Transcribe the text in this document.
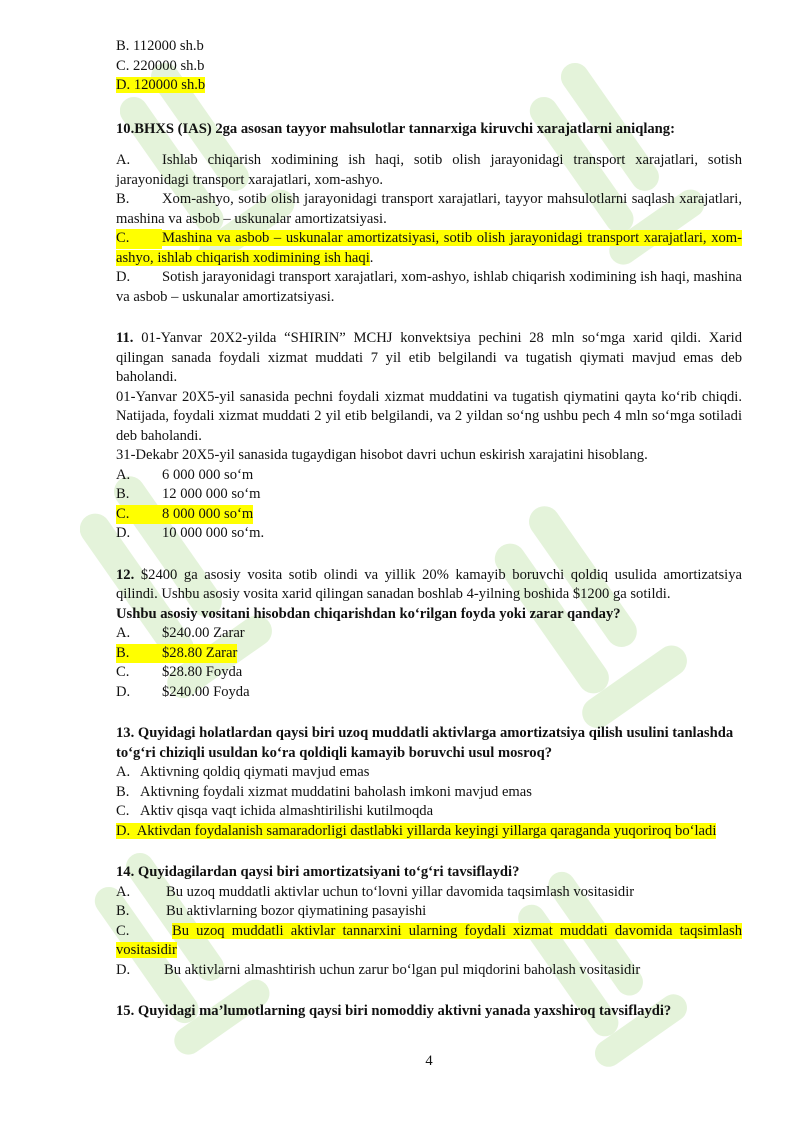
B. 112000 sh.b
C. 220000 sh.b
D. 120000 sh.b
10.BHXS (IAS) 2ga asosan tayyor mahsulotlar tannarxiga kiruvchi xarajatlarni aniqlang:
A. Ishlab chiqarish xodimining ish haqi, sotib olish jarayonidagi transport xarajatlari, sotish jarayonidagi transport xarajatlari, xom-ashyo.
B. Xom-ashyo, sotib olish jarayonidagi transport xarajatlari, tayyor mahsulotlarni saqlash xarajatlari, mashina va asbob – uskunalar amortizatsiyasi.
C. Mashina va asbob – uskunalar amortizatsiyasi, sotib olish jarayonidagi transport xarajatlari, xom-ashyo, ishlab chiqarish xodimining ish haqi.
D. Sotish jarayonidagi transport xarajatlari, xom-ashyo, ishlab chiqarish xodimining ish haqi, mashina va asbob – uskunalar amortizatsiyasi.
11. 01-Yanvar 20X2-yilda “SHIRIN” MCHJ konvektsiya pechini 28 mln so‘mga xarid qildi. Xarid qilingan sanada foydali xizmat muddati 7 yil etib belgilandi va tugatish qiymati mavjud emas deb baholandi.
01-Yanvar 20X5-yil sanasida pechni foydali xizmat muddatini va tugatish qiymatini qayta ko‘rib chiqdi. Natijada, foydali xizmat muddati 2 yil etib belgilandi, va 2 yildan so‘ng ushbu pech 4 mln so‘mga sotiladi deb baholandi.
31-Dekabr 20X5-yil sanasida tugaydigan hisobot davri uchun eskirish xarajatini hisoblang.
A.	6 000 000 so‘m
B.	12 000 000 so‘m
C.	8 000 000 so‘m
D.	10 000 000 so‘m.
12. $2400 ga asosiy vosita sotib olindi va yillik 20% kamayib boruvchi qoldiq usulida amortizatsiya qilindi. Ushbu asosiy vosita xarid qilingan sanadan boshlab 4-yilning boshida $1200 ga sotildi.
Ushbu asosiy vositani hisobdan chiqarishdan ko‘rilgan foyda yoki zarar qanday?
A.	$240.00 Zarar
B.	$28.80 Zarar
C.	$28.80 Foyda
D.	$240.00 Foyda
13. Quyidagi holatlardan qaysi biri uzoq muddatli aktivlarga amortizatsiya qilish usulini tanlashda to‘g‘ri chiziqli usuldan ko‘ra qoldiqli kamayib boruvchi usul mosroq?
A. Aktivning qoldiq qiymati mavjud emas
B. Aktivning foydali xizmat muddatini baholash imkoni mavjud emas
C. Aktiv qisqa vaqt ichida almashtirilishi kutilmoqda
D. Aktivdan foydalanish samaradorligi dastlabki yillarda keyingi yillarga qaraganda yuqoriroq bo‘ladi
14. Quyidagilardan qaysi biri amortizatsiyani to‘g‘ri tavsiflaydi?
A.	Bu uzoq muddatli aktivlar uchun to‘lovni yillar davomida taqsimlash vositasidir
B.	Bu aktivlarning bozor qiymatining pasayishi
C.	Bu uzoq muddatli aktivlar tannarxini ularning foydali xizmat muddati davomida taqsimlash vositasidir
D.	Bu aktivlarni almashtirish uchun zarur bo‘lgan pul miqdorini baholash vositasidir
15. Quyidagi ma’lumotlarning qaysi biri nomoddiy aktivni yanada yaxshiroq tavsiflaydi?
4
